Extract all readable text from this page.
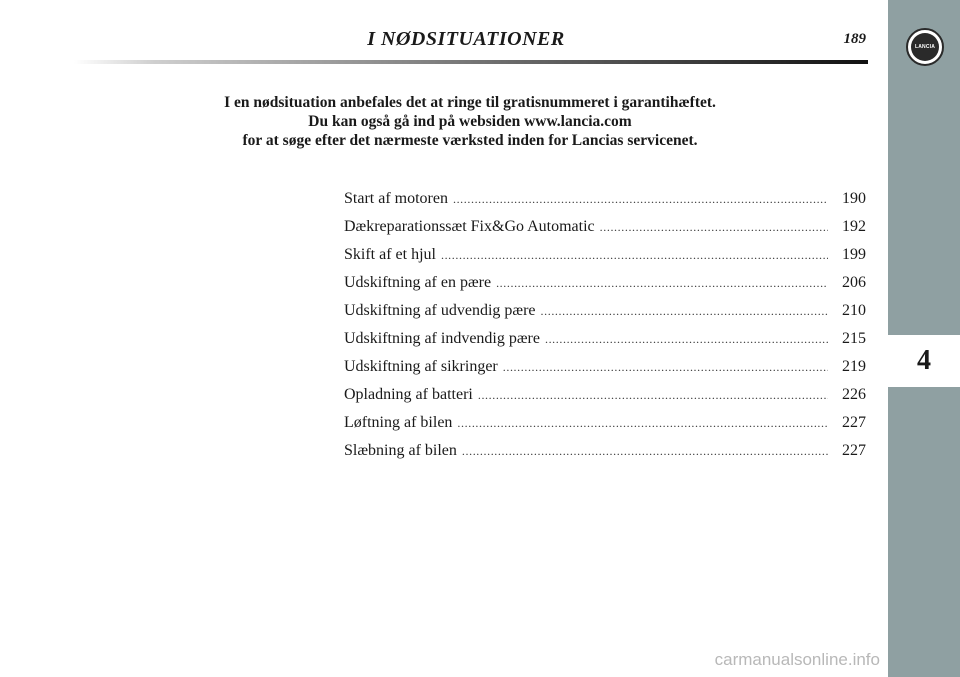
I NØDSITUATIONER	189
I en nødsituation anbefales det at ringe til gratisnummeret i garantihæftet.
Du kan også gå ind på websiden www.lancia.com
for at søge efter det nærmeste værksted inden for Lancias servicenet.
Start af motoren .....	190
Dækreparationssæt Fix&Go Automatic .....	192
Skift af et hjul .....	199
Udskiftning af en pære .....	206
Udskiftning af udvendig pære .....	210
Udskiftning af indvendig pære .....	215
Udskiftning af sikringer .....	219
Opladning af batteri .....	226
Løftning af bilen .....	227
Slæbning af bilen .....	227
LANCIA
4
carmanualsonline.info
